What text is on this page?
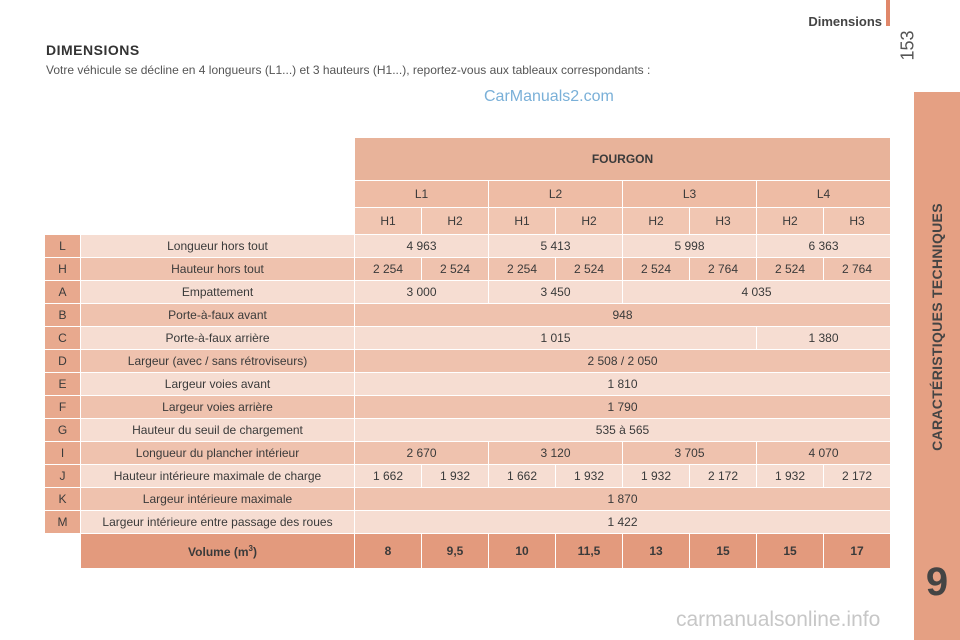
Dimensions
153
CARACTÉRISTIQUES TECHNIQUES
9
DIMENSIONS
Votre véhicule se décline en 4 longueurs (L1...) et 3 hauteurs (H1...), reportez-vous aux tableaux correspondants :
CarManuals2.com
		FOURGON							
		L1		L2		L3		L4	
		H1	H2	H1	H2	H2	H3	H2	H3
L	Longueur hors tout	4 963		5 413		5 998		6 363	
H	Hauteur hors tout	2 254	2 524	2 254	2 524	2 524	2 764	2 524	2 764
A	Empattement	3 000		3 450		4 035			
B	Porte-à-faux avant	948							
C	Porte-à-faux arrière	1 015						1 380	
D	Largeur (avec / sans rétroviseurs)	2 508 / 2 050							
E	Largeur voies avant	1 810							
F	Largeur voies arrière	1 790							
G	Hauteur du seuil de chargement	535 à 565							
I	Longueur du plancher intérieur	2 670		3 120		3 705		4 070	
J	Hauteur intérieure maximale de charge	1 662	1 932	1 662	1 932	1 932	2 172	1 932	2 172
K	Largeur intérieure maximale	1 870							
M	Largeur intérieure entre passage des roues	1 422							
	Volume $(m^3)$	8	9,5	10	11,5	13	15	15	17
carmanualsonline.info
